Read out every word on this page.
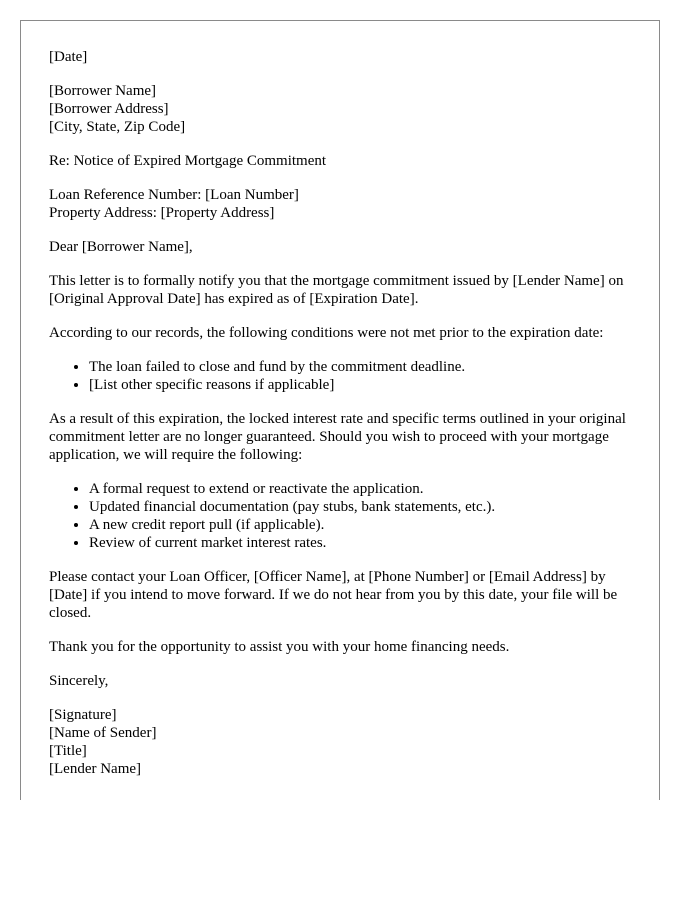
[Date]

[Borrower Name]
[Borrower Address]
[City, State, Zip Code]

Re: Notice of Expired Mortgage Commitment

Loan Reference Number: [Loan Number]
Property Address: [Property Address]

Dear [Borrower Name],

This letter is to formally notify you that the mortgage commitment issued by [Lender Name] on [Original Approval Date] has expired as of [Expiration Date].

According to our records, the following conditions were not met prior to the expiration date:

• The loan failed to close and fund by the commitment deadline.
• [List other specific reasons if applicable]

As a result of this expiration, the locked interest rate and specific terms outlined in your original commitment letter are no longer guaranteed. Should you wish to proceed with your mortgage application, we will require the following:

• A formal request to extend or reactivate the application.
• Updated financial documentation (pay stubs, bank statements, etc.).
• A new credit report pull (if applicable).
• Review of current market interest rates.

Please contact your Loan Officer, [Officer Name], at [Phone Number] or [Email Address] by [Date] if you intend to move forward. If we do not hear from you by this date, your file will be closed.

Thank you for the opportunity to assist you with your home financing needs.

Sincerely,

[Signature]
[Name of Sender]
[Title]
[Lender Name]
